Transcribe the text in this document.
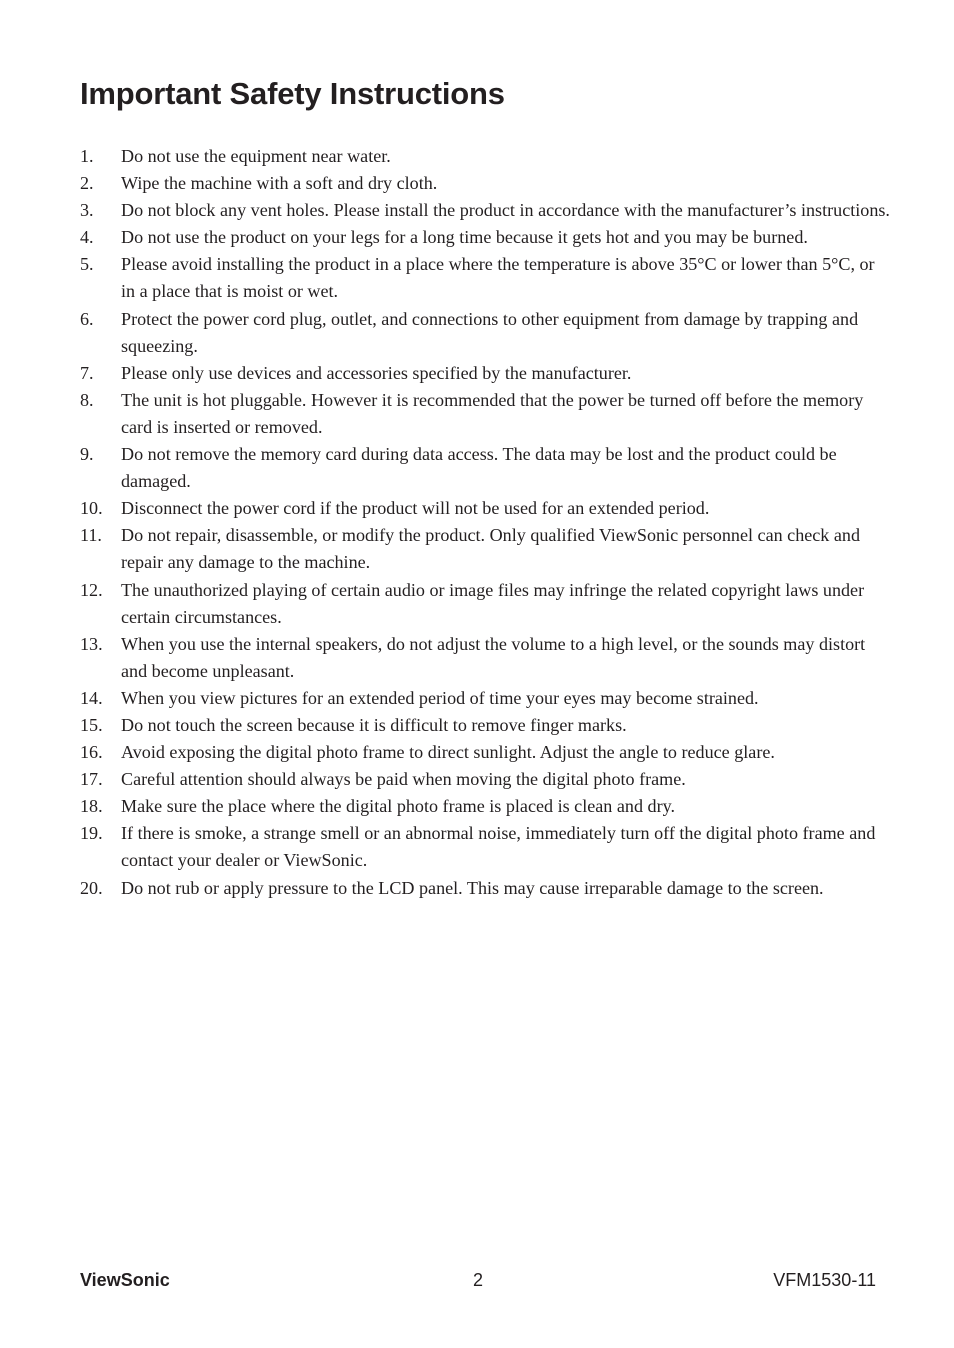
Important Safety Instructions
1.	Do not use the equipment near water.
2.	Wipe the machine with a soft and dry cloth.
3.	Do not block any vent holes. Please install the product in accordance with the manufacturer’s instructions.
4.	Do not use the product on your legs for a long time because it gets hot and you may be burned.
5.	Please avoid installing the product in a place where the temperature is above 35°C or lower than 5°C, or in a place that is moist or wet.
6.	Protect the power cord plug, outlet, and connections to other equipment from damage by trapping and squeezing.
7.	Please only use devices and accessories specified by the manufacturer.
8.	The unit is hot pluggable. However it is recommended that the power be turned off before the memory card is inserted or removed.
9.	Do not remove the memory card during data access. The data may be lost and the product could be damaged.
10.	Disconnect the power cord if the product will not be used for an extended period.
11.	Do not repair, disassemble, or modify the product. Only qualified ViewSonic personnel can check and repair any damage to the machine.
12.	The unauthorized playing of certain audio or image files may infringe the related copyright laws under certain circumstances.
13.	When you use the internal speakers, do not adjust the volume to a high level, or the sounds may distort and become unpleasant.
14.	When you view pictures for an extended period of time your eyes may become strained.
15.	Do not touch the screen because it is difficult to remove finger marks.
16.	Avoid exposing the digital photo frame to direct sunlight. Adjust the angle to reduce glare.
17.	Careful attention should always be paid when moving the digital photo frame.
18.	Make sure the place where the digital photo frame is placed is clean and dry.
19.	If there is smoke, a strange smell or an abnormal noise, immediately turn off the digital photo frame and contact your dealer or ViewSonic.
20.	Do not rub or apply pressure to the LCD panel. This may cause irreparable damage to the screen.
ViewSonic	2	VFM1530-11
